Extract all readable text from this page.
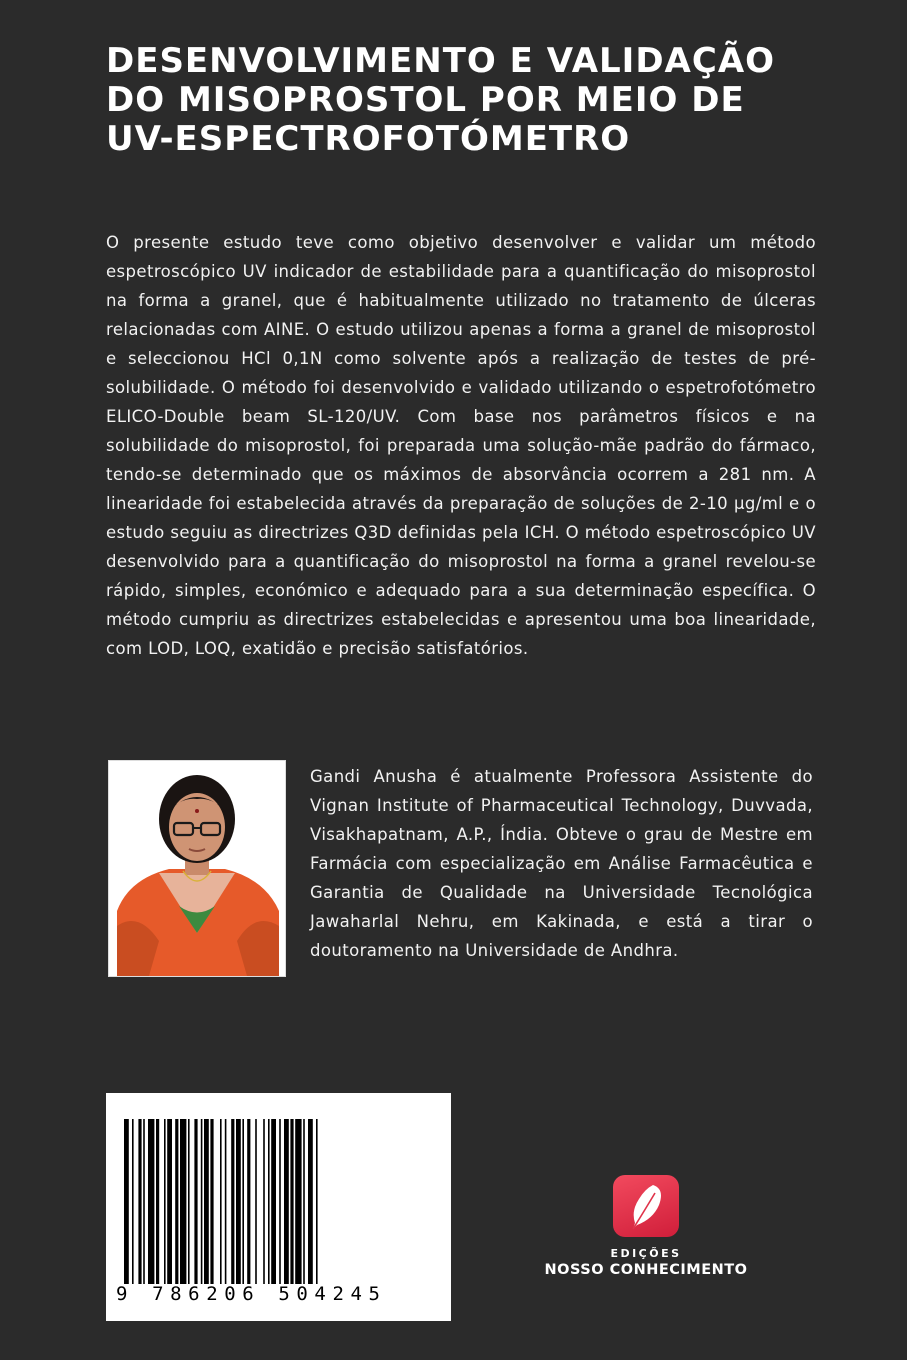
DESENVOLVIMENTO E VALIDAÇÃO DO MISOPROSTOL POR MEIO DE UV-ESPECTROFOTÓMETRO

O presente estudo teve como objetivo desenvolver e validar um método espetroscópico UV indicador de estabilidade para a quantificação do misoprostol na forma a granel, que é habitualmente utilizado no tratamento de úlceras relacionadas com AINE. O estudo utilizou apenas a forma a granel de misoprostol e seleccionou HCl 0,1N como solvente após a realização de testes de pré-solubilidade. O método foi desenvolvido e validado utilizando o espetrofotómetro ELICO-Double beam SL-120/UV. Com base nos parâmetros físicos e na solubilidade do misoprostol, foi preparada uma solução-mãe padrão do fármaco, tendo-se determinado que os máximos de absorvância ocorrem a 281 nm. A linearidade foi estabelecida através da preparação de soluções de 2-10 µg/ml e o estudo seguiu as directrizes Q3D definidas pela ICH. O método espetroscópico UV desenvolvido para a quantificação do misoprostol na forma a granel revelou-se rápido, simples, económico e adequado para a sua determinação específica. O método cumpriu as directrizes estabelecidas e apresentou uma boa linearidade, com LOD, LOQ, exatidão e precisão satisfatórios.

Gandi Anusha é atualmente Professora Assistente do Vignan Institute of Pharmaceutical Technology, Duvvada, Visakhapatnam, A.P., Índia. Obteve o grau de Mestre em Farmácia com especialização em Análise Farmacêutica e Garantia de Qualidade na Universidade Tecnológica Jawaharlal Nehru, em Kakinada, e está a tirar o doutoramento na Universidade de Andhra.

9 786206 504245
EDIÇÕES
NOSSO CONHECIMENTO
